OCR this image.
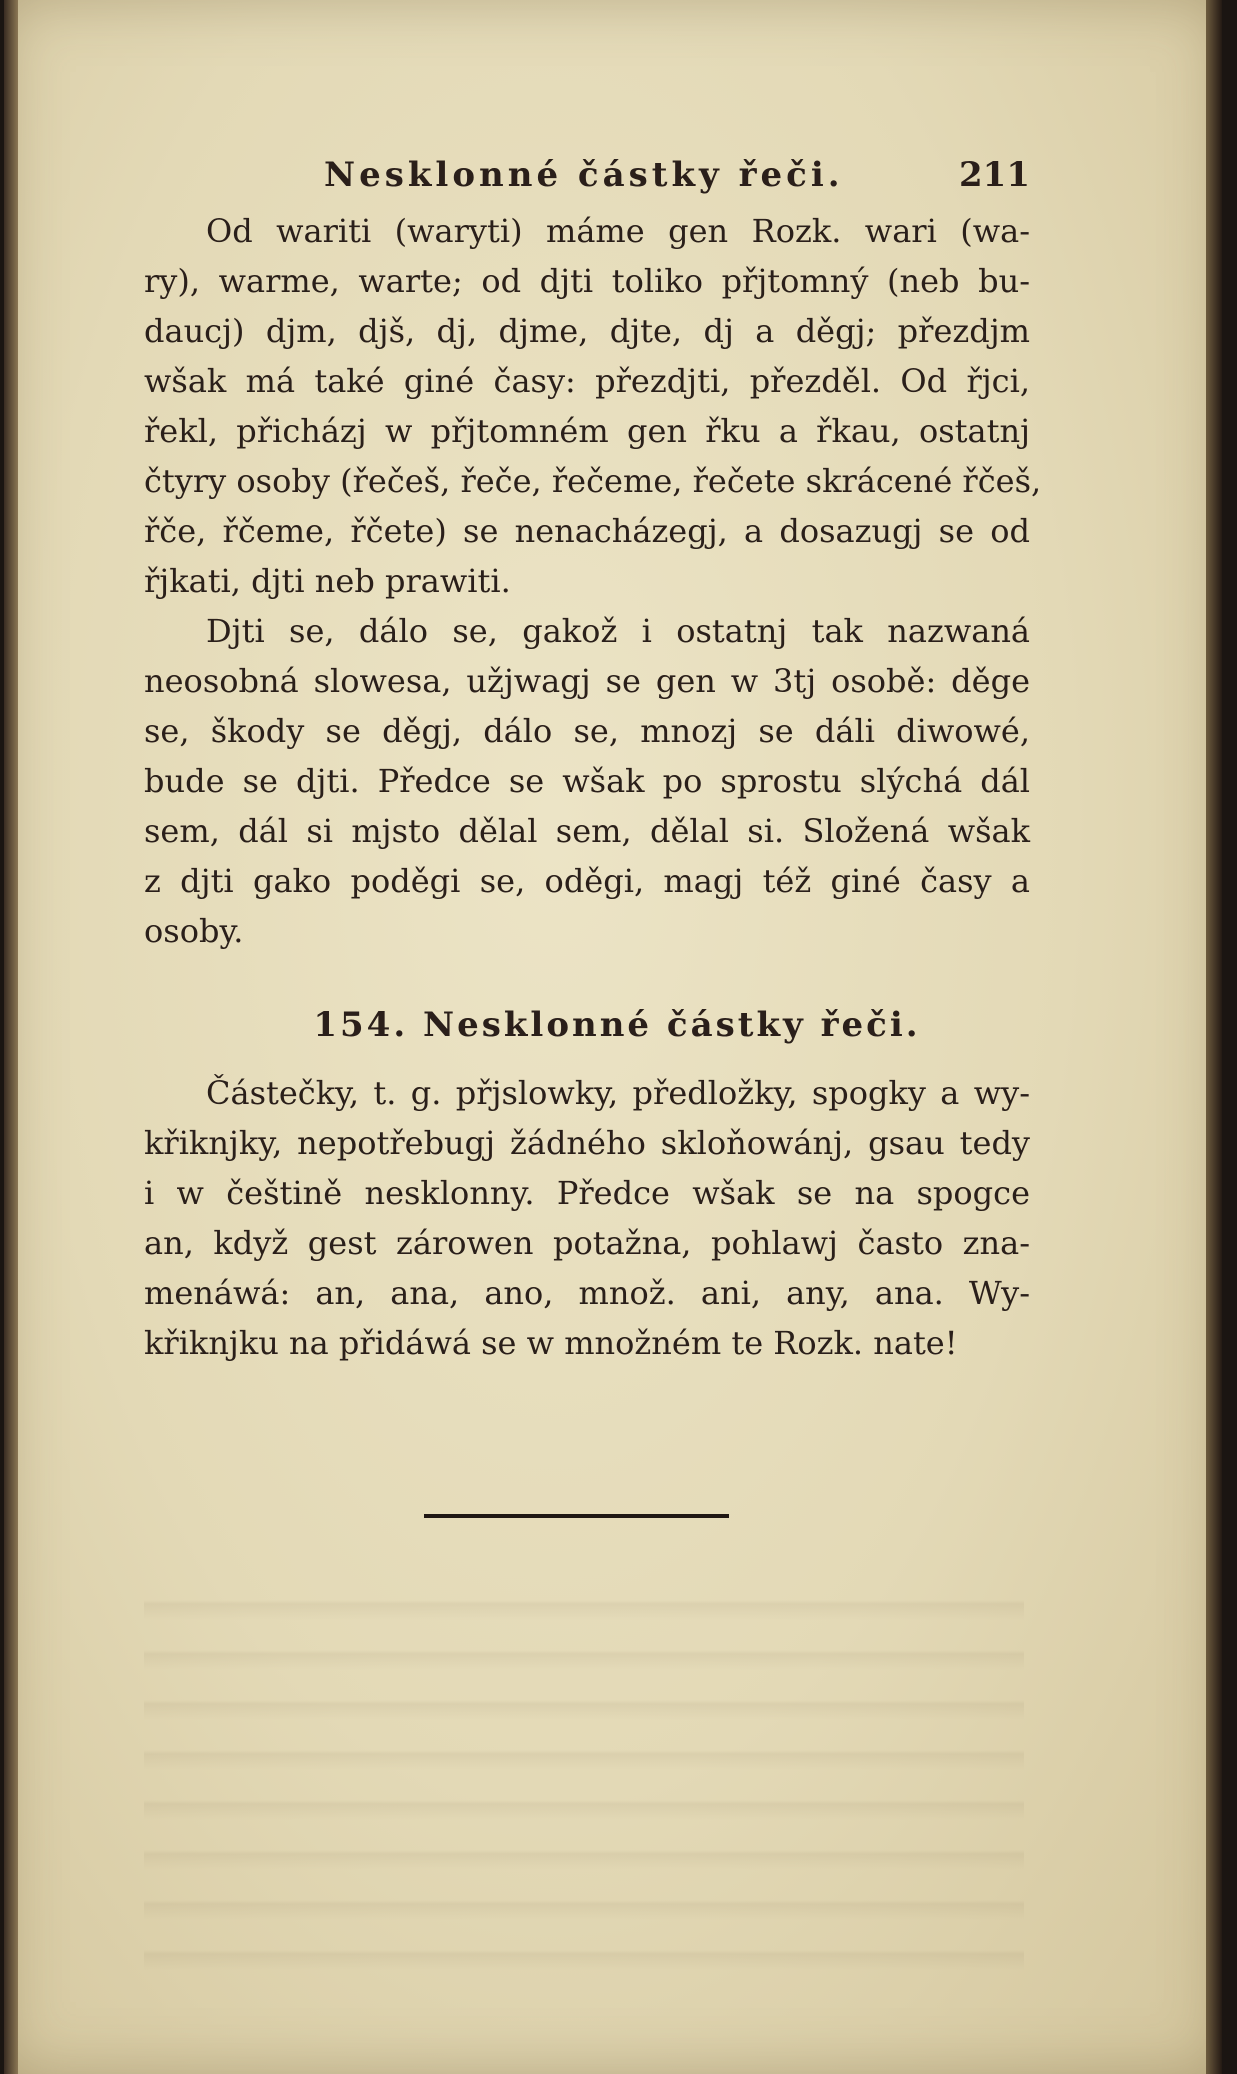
Nesklonné částky řeči.	211
Od wariti (waryti) máme gen Rozk. wari (wa-
ry), warme, warte; od djti toliko přjtomný (neb bu-
daucj) djm, djš, dj, djme, djte, dj a děgj; přezdjm
wšak má také giné časy: přezdjti, přezděl. Od řjci,
řekl, přicházj w přjtomném gen řku a řkau, ostatnj
čtyry osoby (řečeš, řeče, řečeme, řečete skrácené řčeš,
řče, řčeme, řčete) se nenacházegj, a dosazugj se od
řjkati, djti neb prawiti.
Djti se, dálo se, gakož i ostatnj tak nazwaná
neosobná slowesa, užjwagj se gen w 3tj osobě: děge
se, škody se děgj, dálo se, mnozj se dáli diwowé,
bude se djti. Předce se wšak po sprostu slýchá dál
sem, dál si mjsto dělal sem, dělal si. Složená wšak
z djti gako poděgi se, oděgi, magj též giné časy a
osoby.
154. Nesklonné částky řeči.
Částečky, t. g. přjslowky, předložky, spogky a wy-
křiknjky, nepotřebugj žádného skloňowánj, gsau tedy
i w češtině nesklonny. Předce wšak se na spogce
an, když gest zárowen potažna, pohlawj často zna-
menáwá: an, ana, ano, množ. ani, any, ana. Wy-
křiknjku na přidáwá se w množném te Rozk. nate!
